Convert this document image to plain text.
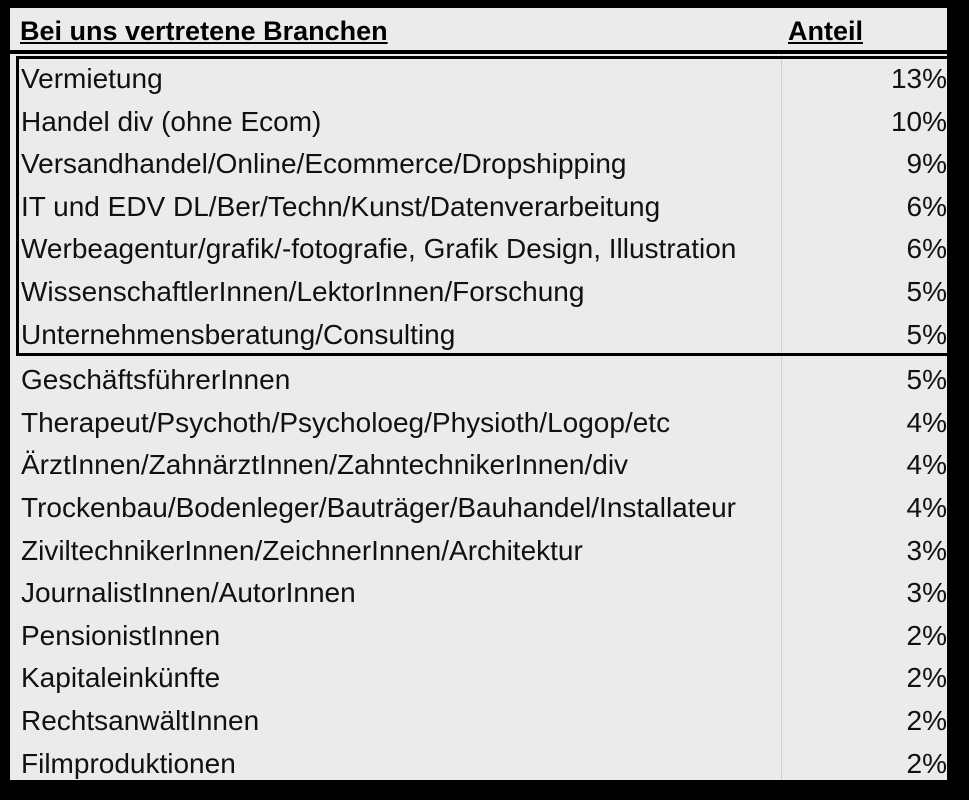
Bei uns vertretene Branchen	Anteil
Vermietung	13%
Handel div (ohne Ecom)	10%
Versandhandel/Online/Ecommerce/Dropshipping	9%
IT und EDV DL/Ber/Techn/Kunst/Datenverarbeitung	6%
Werbeagentur/grafik/-fotografie, Grafik Design, Illustration	6%
WissenschaftlerInnen/LektorInnen/Forschung	5%
Unternehmensberatung/Consulting	5%
GeschäftsführerInnen	5%
Therapeut/Psychoth/Psycholoeg/Physioth/Logop/etc	4%
ÄrztInnen/ZahnärztInnen/ZahntechnikerInnen/div	4%
Trockenbau/Bodenleger/Bauträger/Bauhandel/Installateur	4%
ZiviltechnikerInnen/ZeichnerInnen/Architektur	3%
JournalistInnen/AutorInnen	3%
PensionistInnen	2%
Kapitaleinkünfte	2%
RechtsanwältInnen	2%
Filmproduktionen	2%
